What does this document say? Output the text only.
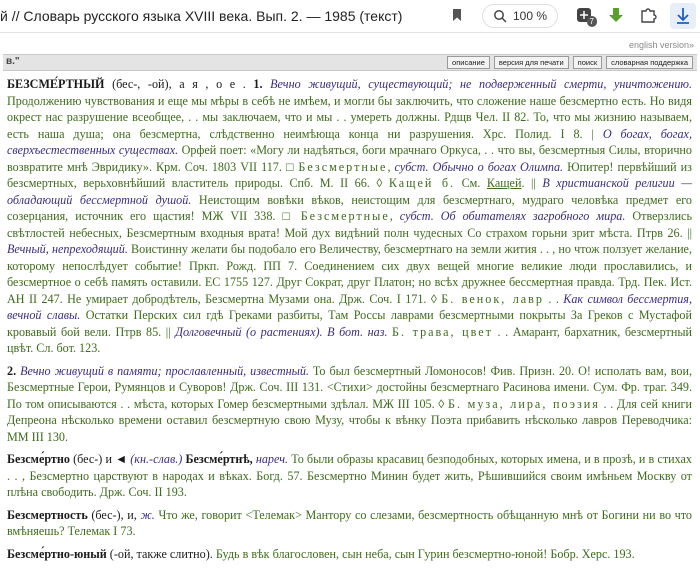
й // Словарь русского языка XVIII века. Вып. 2. — 1985 (текст)	100 %	7
english version»
в."	описание	версия для печати	поиск	словарная поддержка

БЕЗСМЕ́РТНЫЙ (бес-, -ой), а я , о е . 1. Вечно живущий, существующий; не подверженный смерти, уничтожению. Продолжению чувствования и еще мы мѣры в себѣ не имѣем, и могли бы заключить, что сложение наше безсмертно есть. Но видя окрест нас разрушение всеобщее, . . мы заключаем, что и мы . . умереть должны. Рдщв Чел. II 82. То, что мы жизнию называем, есть наша душа; она безсмертна, слѣдственно неимѣюща конца ни разрушения. Хрс. Полид. I 8. | О богах, богах, сверхъестественных существах. Орфей поет: «Могу ли надѣяться, боги мрачнаго Оркуса, . . что вы, безсмертныя Силы, вторично возвратите мнѣ Эвридику». Крм. Соч. 1803 VII 117. □ Безсмертные, субст. Обычно о богах Олимпа. Юпитер! первѣйший из безсмертных, верьховнѣйший властитель природы. Спб. М. II 66. ◊ Кащей б. См. Кащей. || В христианской религии — обладающий бессмертной душой. Неистощим вовѣки вѣков, неистощим для безсмертнаго, мудраго человѣка предмет его созерцания, источник его щастия! МЖ VII 338. □ Безсмертные, субст. Об обитателях загробного мира. Отверзлись свѣтлостей небесных, Безсмертным входныя врата! Мой дух видѣний полн чудесных Со страхом горьни зрит мѣста. Птрв 26. || Вечный, непреходящий. Воистинну желати бы подобало его Величеству, безсмертнаго на земли жития . . , но чтож ползует желание, которому непослѣдует событие! Пркп. Рожд. ПП 7. Соединением сих двух вещей многие великие люди прославились, и безсмертное о себѣ память оставили. ЕС 1755 127. Друг Сократ, друг Платон; но всѣх дружнее бессмертная правда. Трд. Пек. Ист. АН II 247. Не умирает добродѣтель, Безсмертна Музами она. Држ. Соч. I 171. ◊ Б. венок, лавр . . Как символ бессмертия, вечной славы. Остатки Перских сил гдѣ Греками разбиты, Там Россы лаврами безсмертными покрыты За Греков с Мустафой кровавый бой вели. Птрв 85. || Долговечный (о растениях). В бот. наз. Б. трава, цвет . . Амарант, бархатник, безсмертный цвѣт. Сл. бот. 123.

2. Вечно живущий в памяти; прославленный, известный. То был безсмертный Ломоносов! Фив. Призн. 20. О! исполать вам, вои, Безсмертные Герои, Румянцов и Суворов! Држ. Соч. III 131. <Стихи> достойны безсмертнаго Расинова имени. Сум. Фр. траг. 349. По том описываются . . мѣста, которых Гомер безсмертными здѣлал. МЖ III 105. ◊ Б. муза, лира, поэзия . . Для сей книги Депреона нѣсколько времени оставил безсмертную свою Музу, чтобы к вѣнку Поэта прибавить нѣсколько лавров Переводчика: ММ III 130.

Безсме́ртно (бес-) и ◄ (кн.-слав.) Безсме́ртнѣ, нареч. То были образы красавиц безподобных, которых имена, и в прозѣ, и в стихах . . , Безсмертно царствуют в народах и вѣках. Богд. 57. Безсмертно Минин будет жить, Рѣшившийся своим имѣньем Москву от плѣна свободить. Држ. Соч. II 193.

Безсмертность (бес-), и, ж. Что же, говорит <Телемак> Мантору со слезами, безсмертность обѣщанную мнѣ от Богини ни во что вмѣняешь? Телемак I 73.

Безсме́ртно-юный (-ой, также слитно). Будь в вѣк благословен, сын неба, сын Гурин безсмертно-юной! Бобр. Херс. 193.
